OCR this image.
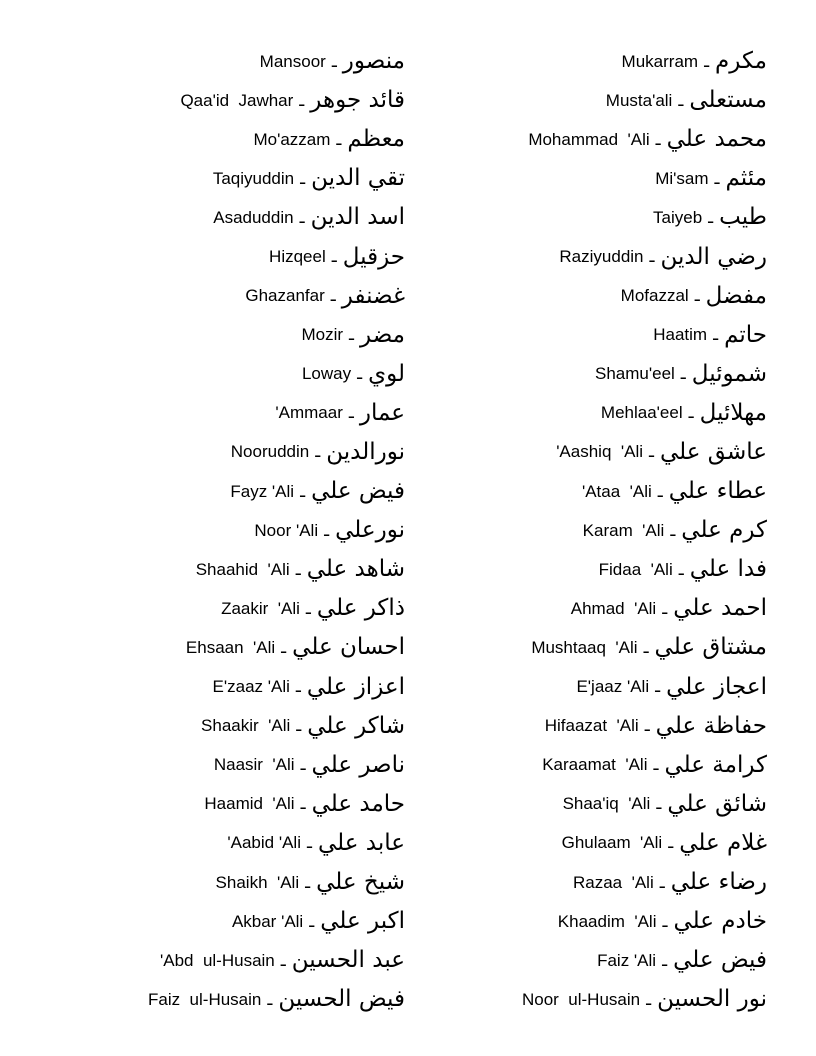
Mansoor ـ منصور
Qaa'id  Jawhar ـ قائد جوهر
Mo'azzam ـ معظم
Taqiyuddin ـ تقي الدين
Asaduddin ـ اسد الدين
Hizqeel ـ حزقيل
Ghazanfar ـ غضنفر
Mozir ـ مضر
Loway ـ لوي
'Ammaar ـ عمار
Nooruddin ـ نورالدين
Fayz 'Ali ـ فيض علي
Noor 'Ali ـ نورعلي
Shaahid  'Ali ـ شاهد علي
Zaakir  'Ali ـ ذاكر علي
Ehsaan  'Ali ـ احسان علي
E'zaaz 'Ali ـ اعزاز علي
Shaakir  'Ali ـ شاكر علي
Naasir  'Ali ـ ناصر علي
Haamid  'Ali ـ حامد علي
'Aabid 'Ali ـ عابد علي
Shaikh  'Ali ـ شيخ علي
Akbar 'Ali ـ اكبر علي
'Abd  ul-Husain ـ عبد الحسين
Faiz  ul-Husain ـ فيض الحسين
Mukarram ـ مكرم
Musta'ali ـ مستعلى
Mohammad  'Ali ـ محمد علي
Mi'sam ـ مئثم
Taiyeb ـ طيب
Raziyuddin ـ رضي الدين
Mofazzal ـ مفضل
Haatim ـ حاتم
Shamu'eel ـ شموئيل
Mehlaa'eel ـ مهلائيل
'Aashiq  'Ali ـ عاشق علي
'Ataa  'Ali ـ عطاء علي
Karam  'Ali ـ كرم علي
Fidaa  'Ali ـ فدا علي
Ahmad  'Ali ـ احمد علي
Mushtaaq  'Ali ـ مشتاق علي
E'jaaz 'Ali ـ اعجاز علي
Hifaazat  'Ali ـ حفاظة علي
Karaamat  'Ali ـ كرامة علي
Shaa'iq  'Ali ـ شائق علي
Ghulaam  'Ali ـ غلام علي
Razaa  'Ali ـ رضاء علي
Khaadim  'Ali ـ خادم علي
Faiz 'Ali ـ فيض علي
Noor  ul-Husain ـ نور الحسين
